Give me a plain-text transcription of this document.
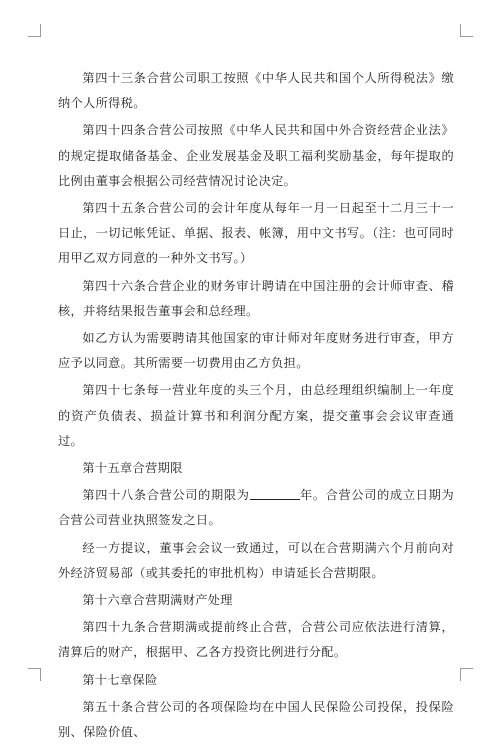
第四十三条合营公司职工按照《中华人民共和国个人所得税法》缴纳个人所得税。

第四十四条合营公司按照《中华人民共和国中外合资经营企业法》的规定提取储备基金、企业发展基金及职工福利奖励基金，每年提取的比例由董事会根据公司经营情况讨论决定。

第四十五条合营公司的会计年度从每年一月一日起至十二月三十一日止，一切记帐凭证、单据、报表、帐簿，用中文书写。（注：也可同时用甲乙双方同意的一种外文书写。）

第四十六条合营企业的财务审计聘请在中国注册的会计师审查、稽核，并将结果报告董事会和总经理。

如乙方认为需要聘请其他国家的审计师对年度财务进行审查，甲方应予以同意。其所需要一切费用由乙方负担。

第四十七条每一营业年度的头三个月，由总经理组织编制上一年度的资产负债表、损益计算书和利润分配方案，提交董事会会议审查通过。

第十五章合营期限

第四十八条合营公司的期限为	年。合营公司的成立日期为合营公司营业执照签发之日。

经一方提议，董事会会议一致通过，可以在合营期满六个月前向对外经济贸易部（或其委托的审批机构）申请延长合营期限。

第十六章合营期满财产处理

第四十九条合营期满或提前终止合营，合营公司应依法进行清算，清算后的财产，根据甲、乙各方投资比例进行分配。

第十七章保险

第五十条合营公司的各项保险均在中国人民保险公司投保，投保险别、保险价值、
